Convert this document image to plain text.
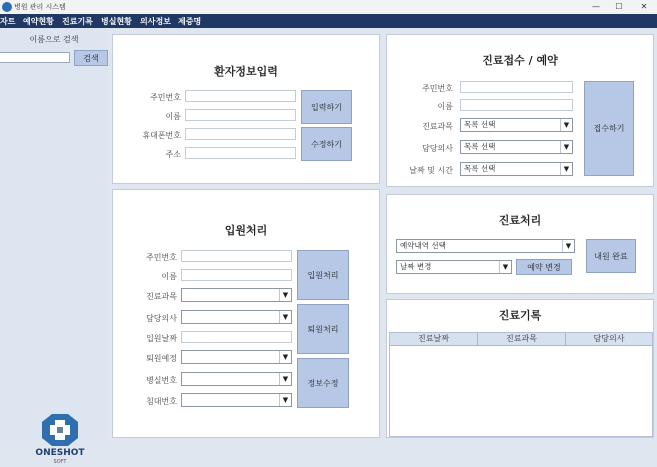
병원 관리 시스템	—	☐	✕
자트 예약현황 진료기록 병실현황 의사정보 제증명
이름으로 검색
검색
ONESHOT
SOFT
환자정보입력
주민번호
이름
휴대폰번호
주소
입력하기
수정하기
입원처리
주민번호
이름
진료과목
담당의사
입원날짜
퇴원예정
병실번호
침대번호
▼
▼
▼
▼
▼
입원처리
퇴원처리
정보수정
진료접수 / 예약
주민번호
이름
진료과목
담당의사
날짜 및 시간
목록 선택	▼
목록 선택	▼
목록 선택	▼
접수하기
진료처리
예약내역 선택	▼
날짜 변경	▼	예약 변경
내원 완료
진료기록
진료날짜	진료과목	담당의사
